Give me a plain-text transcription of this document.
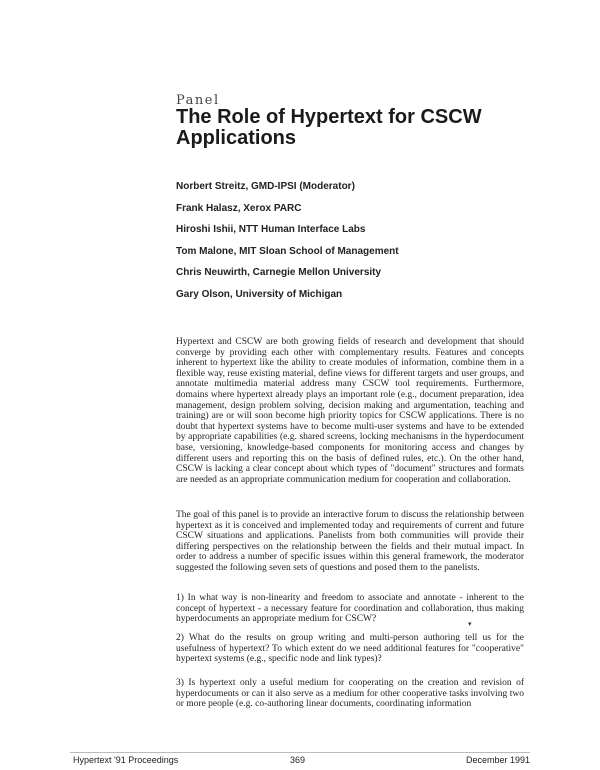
Panel
The Role of Hypertext for CSCW Applications
Norbert Streitz, GMD-IPSI (Moderator)
Frank Halasz, Xerox PARC
Hiroshi Ishii, NTT Human Interface Labs
Tom Malone, MIT Sloan School of Management
Chris Neuwirth, Carnegie Mellon University
Gary Olson, University of Michigan

Hypertext and CSCW are both growing fields of research and development that should converge by providing each other with complementary results. Features and concepts inherent to hypertext like the ability to create modules of information, combine them in a flexible way, reuse existing material, define views for different targets and user groups, and annotate multimedia material address many CSCW tool requirements. Furthermore, domains where hypertext already plays an important role (e.g., document preparation, idea management, design problem solving, decision making and argumentation, teaching and training) are or will soon become high priority topics for CSCW applications. There is no doubt that hypertext systems have to become multi-user systems and have to be extended by appropriate capabilities (e.g. shared screens, locking mechanisms in the hyperdocument base, versioning, knowledge-based components for monitoring access and changes by different users and reporting this on the basis of defined rules, etc.). On the other hand, CSCW is lacking a clear concept about which types of "document" structures and formats are needed as an appropriate communication medium for cooperation and collaboration.

The goal of this panel is to provide an interactive forum to discuss the relationship between hypertext as it is conceived and implemented today and requirements of current and future CSCW situations and applications. Panelists from both communities will provide their differing perspectives on the relationship between the fields and their mutual impact. In order to address a number of specific issues within this general framework, the moderator suggested the following seven sets of questions and posed them to the panelists.

1) In what way is non-linearity and freedom to associate and annotate - inherent to the concept of hypertext - a necessary feature for coordination and collaboration, thus making hyperdocuments an appropriate medium for CSCW?	▾

2) What do the results on group writing and multi-person authoring tell us for the usefulness of hypertext? To which extent do we need additional features for "cooperative" hypertext systems (e.g., specific node and link types)?

3) Is hypertext only a useful medium for cooperating on the creation and revision of hyperdocuments or can it also serve as a medium for other cooperative tasks involving two or more people (e.g. co-authoring linear documents, coordinating information

Hypertext '91 Proceedings	369	December 1991
